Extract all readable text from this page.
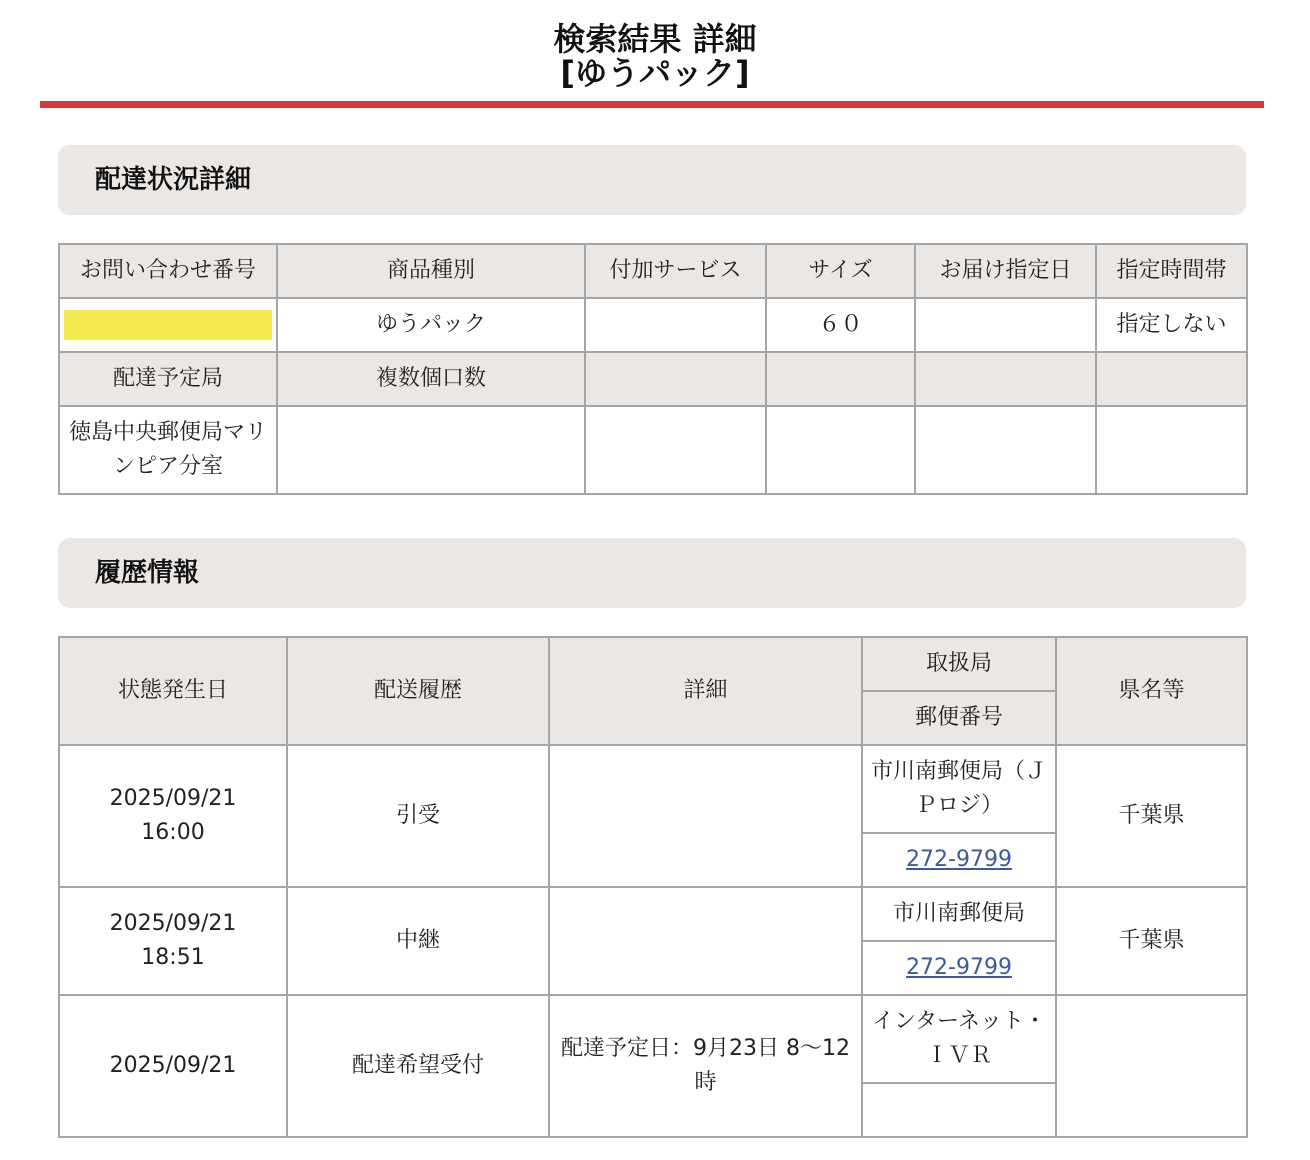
検索結果 詳細
[ゆうパック]
配達状況詳細
お問い合わせ番号	商品種別	付加サービス	サイズ	お届け指定日	指定時間帯
	ゆうパック		６０		指定しない
配達予定局	複数個口数				
徳島中央郵便局マリンピア分室					
履歴情報
状態発生日	配送履歴	詳細	取扱局	県名等
			郵便番号	

2025/09/21
16:00	引受		市川南郵便局（ＪＰロジ）	千葉県
			272-9799	

2025/09/21
18:51	中継		市川南郵便局	千葉県
			272-9799	

2025/09/21	配達希望受付	配達予定日：9月23日 8～12時	インターネット・ＩＶＲ	
